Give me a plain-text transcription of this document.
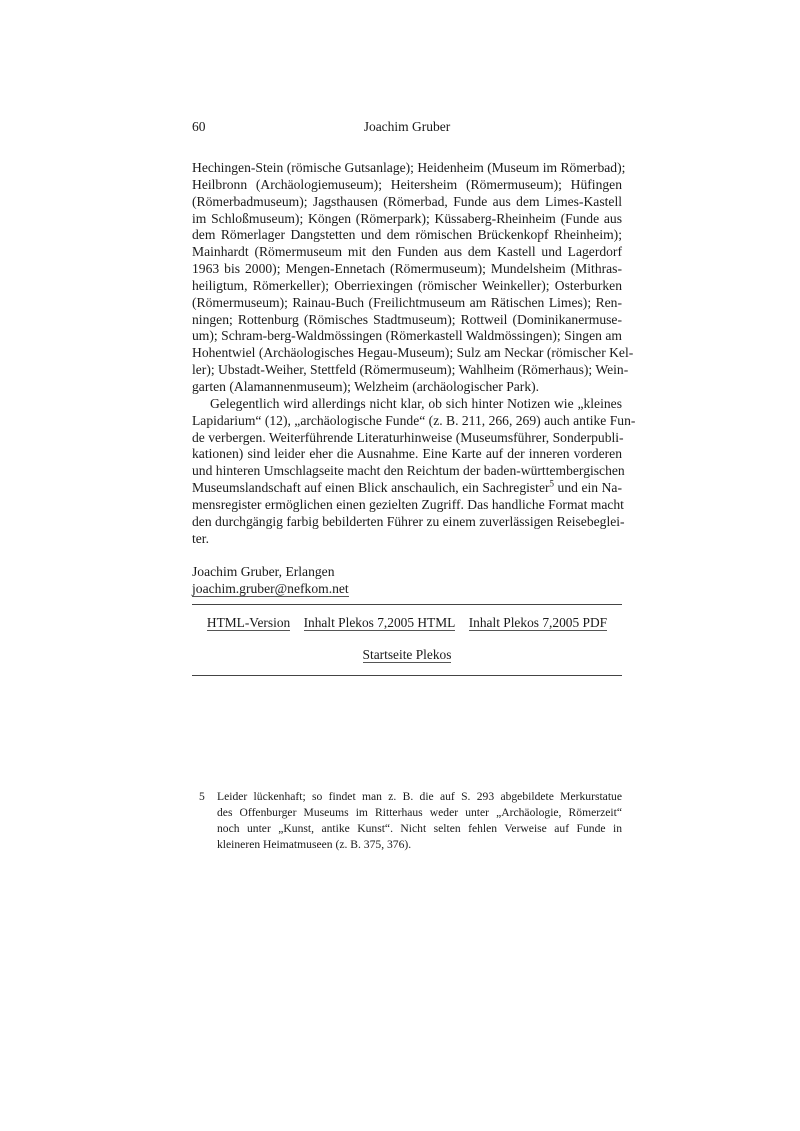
60	Joachim Gruber
Hechingen-Stein (römische Gutsanlage); Heidenheim (Museum im Römerbad);
Heilbronn (Archäologiemuseum); Heitersheim (Römermuseum); Hüfingen
(Römerbadmuseum); Jagsthausen (Römerbad, Funde aus dem Limes-Kastell
im Schloßmuseum); Köngen (Römerpark); Küssaberg-Rheinheim (Funde aus
dem Römerlager Dangstetten und dem römischen Brückenkopf Rheinheim);
Mainhardt (Römermuseum mit den Funden aus dem Kastell und Lagerdorf
1963 bis 2000); Mengen-Ennetach (Römermuseum); Mundelsheim (Mithras-
heiligtum, Römerkeller); Oberriexingen (römischer Weinkeller); Osterburken
(Römermuseum); Rainau-Buch (Freilichtmuseum am Rätischen Limes); Ren-
ningen; Rottenburg (Römisches Stadtmuseum); Rottweil (Dominikanermuse-
um); Schram-berg-Waldmössingen (Römerkastell Waldmössingen); Singen am
Hohentwiel (Archäologisches Hegau-Museum); Sulz am Neckar (römischer Kel-
ler); Ubstadt-Weiher, Stettfeld (Römermuseum); Wahlheim (Römerhaus); Wein-
garten (Alamannenmuseum); Welzheim (archäologischer Park).
Gelegentlich wird allerdings nicht klar, ob sich hinter Notizen wie „kleines
Lapidarium“ (12), „archäologische Funde“ (z. B. 211, 266, 269) auch antike Fun-
de verbergen. Weiterführende Literaturhinweise (Museumsführer, Sonderpubli-
kationen) sind leider eher die Ausnahme. Eine Karte auf der inneren vorderen
und hinteren Umschlagseite macht den Reichtum der baden-württembergischen
Museumslandschaft auf einen Blick anschaulich, ein Sachregister$^5$ und ein Na-
mensregister ermöglichen einen gezielten Zugriff. Das handliche Format macht
den durchgängig farbig bebilderten Führer zu einem zuverlässigen Reisebeglei-
ter.
Joachim Gruber, Erlangen
joachim.gruber@nefkom.net
HTML-Version Inhalt Plekos 7,2005 HTML Inhalt Plekos 7,2005 PDF
Startseite Plekos
5 Leider lückenhaft; so findet man z. B. die auf S. 293 abgebildete Merkurstatue
des Offenburger Museums im Ritterhaus weder unter „Archäologie, Römerzeit“
noch unter „Kunst, antike Kunst“. Nicht selten fehlen Verweise auf Funde in
kleineren Heimatmuseen (z. B. 375, 376).
